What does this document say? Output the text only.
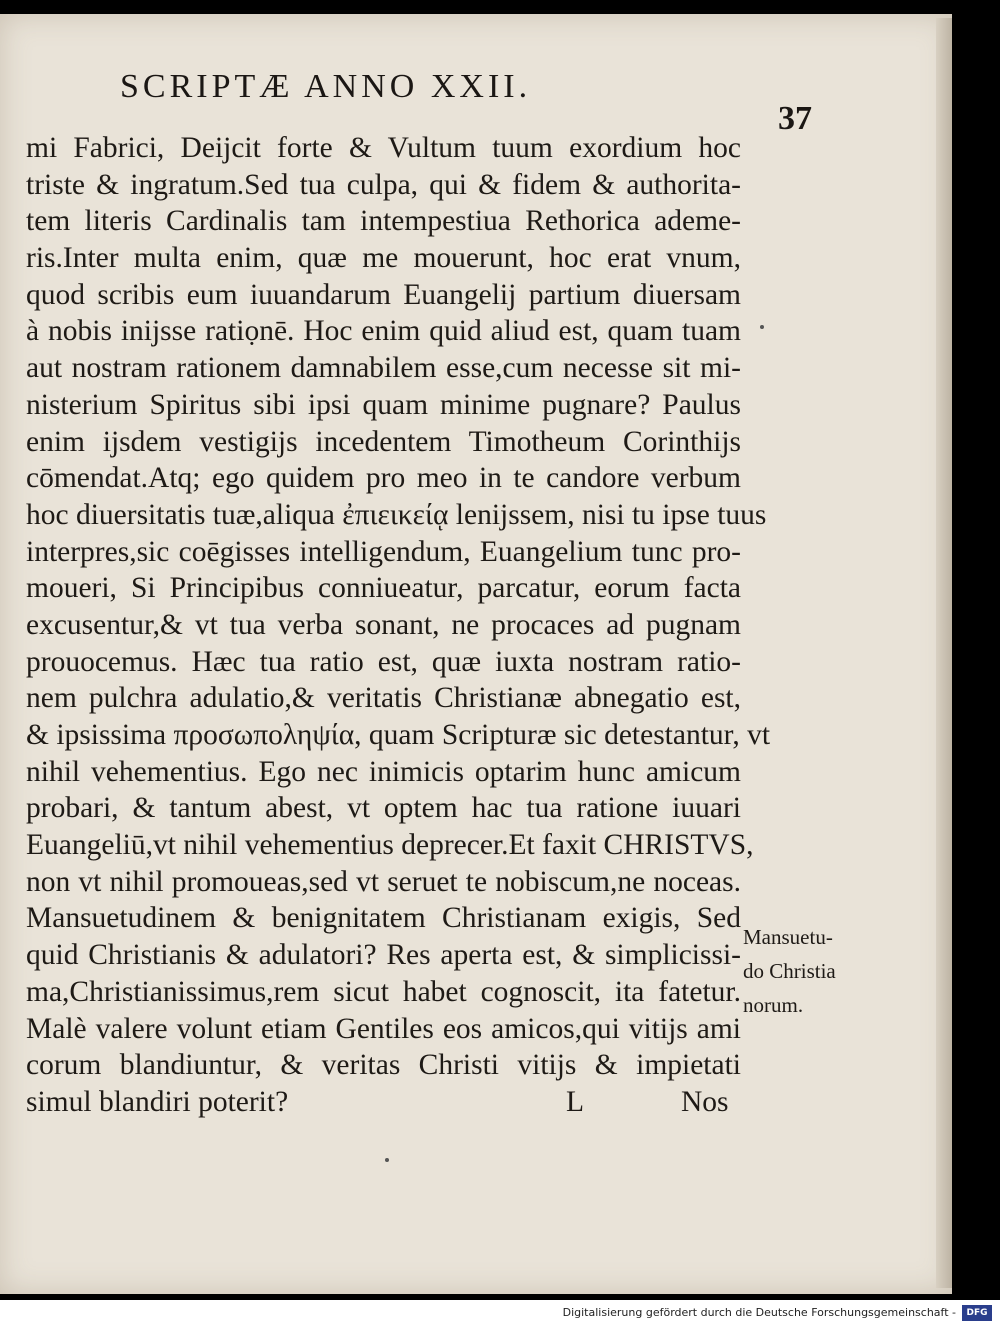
SCRIPTÆ ANNO XXII.
37
mi Fabrici, Deijcit forte & Vultum tuum exordium hoc
triste & ingratum.Sed tua culpa, qui & fidem & authorita-
tem literis Cardinalis tam intempestiua Rethorica ademe-
ris.Inter multa enim, quæ me mouerunt, hoc erat vnum,
quod scribis eum iuuandarum Euangelij partium diuersam
à nobis inijsse ratiọnē. Hoc enim quid aliud est, quam tuam
aut nostram rationem damnabilem esse,cum necesse sit mi-
nisterium Spiritus sibi ipsi quam minime pugnare? Paulus
enim ijsdem vestigijs incedentem Timotheum Corinthijs
cōmendat.Atq; ego quidem pro meo in te candore verbum
hoc diuersitatis tuæ,aliqua ἐπιεικείᾳ lenijssem, nisi tu ipse tuus
interpres,sic coēgisses intelligendum, Euangelium tunc pro-
moueri, Si Principibus conniueatur, parcatur, eorum facta
excusentur,& vt tua verba sonant, ne procaces ad pugnam
prouocemus. Hæc tua ratio est, quæ iuxta nostram ratio-
nem pulchra adulatio,& veritatis Christianæ abnegatio est,
& ipsissima προσωποληψία, quam Scripturæ sic detestantur, vt
nihil vehementius. Ego nec inimicis optarim hunc amicum
probari, & tantum abest, vt optem hac tua ratione iuuari
Euangeliū,vt nihil vehementius deprecer.Et faxit CHRISTVS,
non vt nihil promoueas,sed vt seruet te nobiscum,ne noceas.
Mansuetudinem & benignitatem Christianam exigis, Sed
quid Christianis & adulatori? Res aperta est, & simplicissi-
ma,Christianissimus,rem sicut habet cognoscit, ita fatetur.
Malè valere volunt etiam Gentiles eos amicos,qui vitijs ami
corum blandiuntur, & veritas Christi vitijs & impietati
simul blandiri poterit?	L	Nos
Mansuetu-
do Christia
norum.
Digitalisierung gefördert durch die Deutsche Forschungsgemeinschaft -	DFG
